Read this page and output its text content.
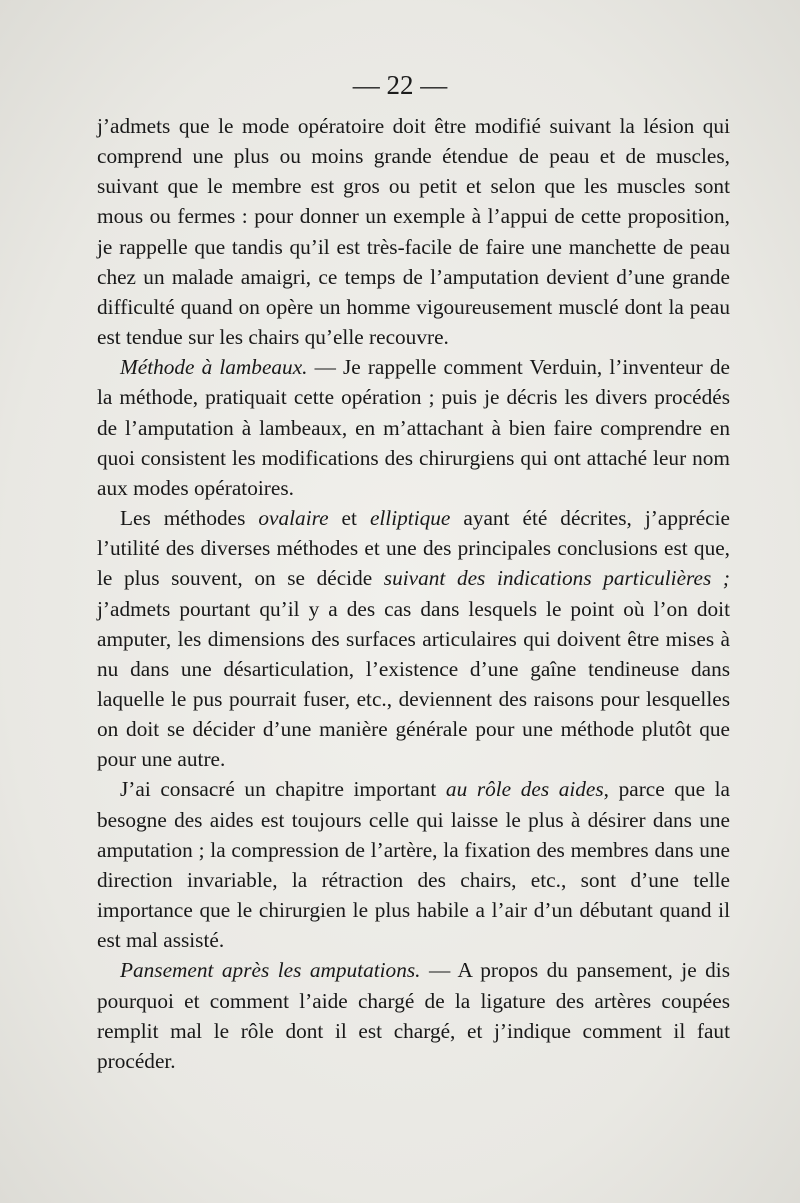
— 22 —

j’admets que le mode opératoire doit être modifié suivant la lésion qui comprend une plus ou moins grande étendue de peau et de muscles, suivant que le membre est gros ou petit et selon que les muscles sont mous ou fermes : pour donner un exemple à l’appui de cette proposition, je rappelle que tandis qu’il est très-facile de faire une manchette de peau chez un malade amaigri, ce temps de l’amputation devient d’une grande difficulté quand on opère un homme vigoureusement musclé dont la peau est tendue sur les chairs qu’elle recouvre.

Méthode à lambeaux. — Je rappelle comment Verduin, l’inventeur de la méthode, pratiquait cette opération ; puis je décris les divers procédés de l’amputation à lambeaux, en m’attachant à bien faire comprendre en quoi consistent les modifications des chirurgiens qui ont attaché leur nom aux modes opératoires.

Les méthodes ovalaire et elliptique ayant été décrites, j’apprécie l’utilité des diverses méthodes et une des principales conclusions est que, le plus souvent, on se décide suivant des indications particulières ; j’admets pourtant qu’il y a des cas dans lesquels le point où l’on doit amputer, les dimensions des surfaces articulaires qui doivent être mises à nu dans une désarticulation, l’existence d’une gaîne tendineuse dans laquelle le pus pourrait fuser, etc., deviennent des raisons pour lesquelles on doit se décider d’une manière générale pour une méthode plutôt que pour une autre.

J’ai consacré un chapitre important au rôle des aides, parce que la besogne des aides est toujours celle qui laisse le plus à désirer dans une amputation ; la compression de l’artère, la fixation des membres dans une direction invariable, la rétraction des chairs, etc., sont d’une telle importance que le chirurgien le plus habile a l’air d’un débutant quand il est mal assisté.

Pansement après les amputations. — A propos du pansement, je dis pourquoi et comment l’aide chargé de la ligature des artères coupées remplit mal le rôle dont il est chargé, et j’indique comment il faut procéder.
